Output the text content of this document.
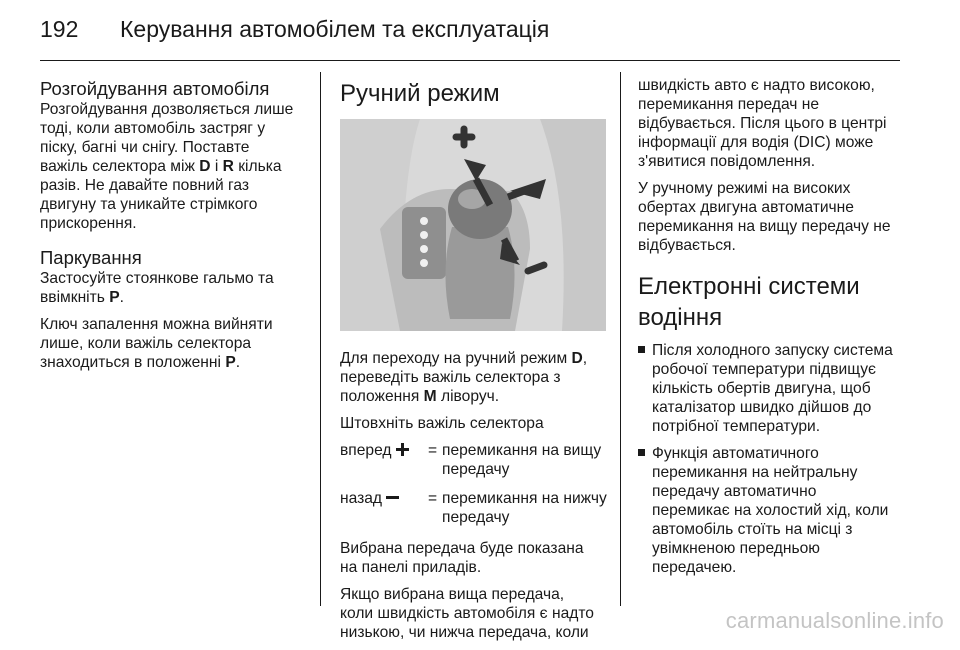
192 Керування автомобілем та експлуатація
Розгойдування автомобіля

Розгойдування дозволяється лише
тоді, коли автомобіль застряг у
піску, багні чи снігу. Поставте
важіль селектора між D і R кілька
разів. Не давайте повний газ
двигуну та уникайте стрімкого
прискорення.

Паркування

Застосуйте стоянкове гальмо та
ввімкніть P.

Ключ запалення можна вийняти
лише, коли важіль селектора
знаходиться в положенні P.

Ручний режим

Для переходу на ручний режим D,
переведіть важіль селектора з
положення M ліворуч.

Штовхніть важіль селектора

вперед	= перемикання на вищу
передачу
назад	= перемикання на нижчу
передачу

Вибрана передача буде показана
на панелі приладів.

Якщо вибрана вища передача,
коли швидкість автомобіля є надто
низькою, чи нижча передача, коли

швидкість авто є надто високою,
перемикання передач не
відбувається. Після цього в центрі
інформації для водія (DIC) може
з'явитися повідомлення.

У ручному режимі на високих
обертах двигуна автоматичне
перемикання на вищу передачу не
відбувається.

Електронні системи
водіння
Після холодного запуску система
робочої температури підвищує
кількість обертів двигуна, щоб
каталізатор швидко дійшов до
потрібної температури.
Функція автоматичного
перемикання на нейтральну
передачу автоматично
перемикає на холостий хід, коли
автомобіль стоїть на місці з
увімкненою передньою
передачею.
carmanualsonline.info
